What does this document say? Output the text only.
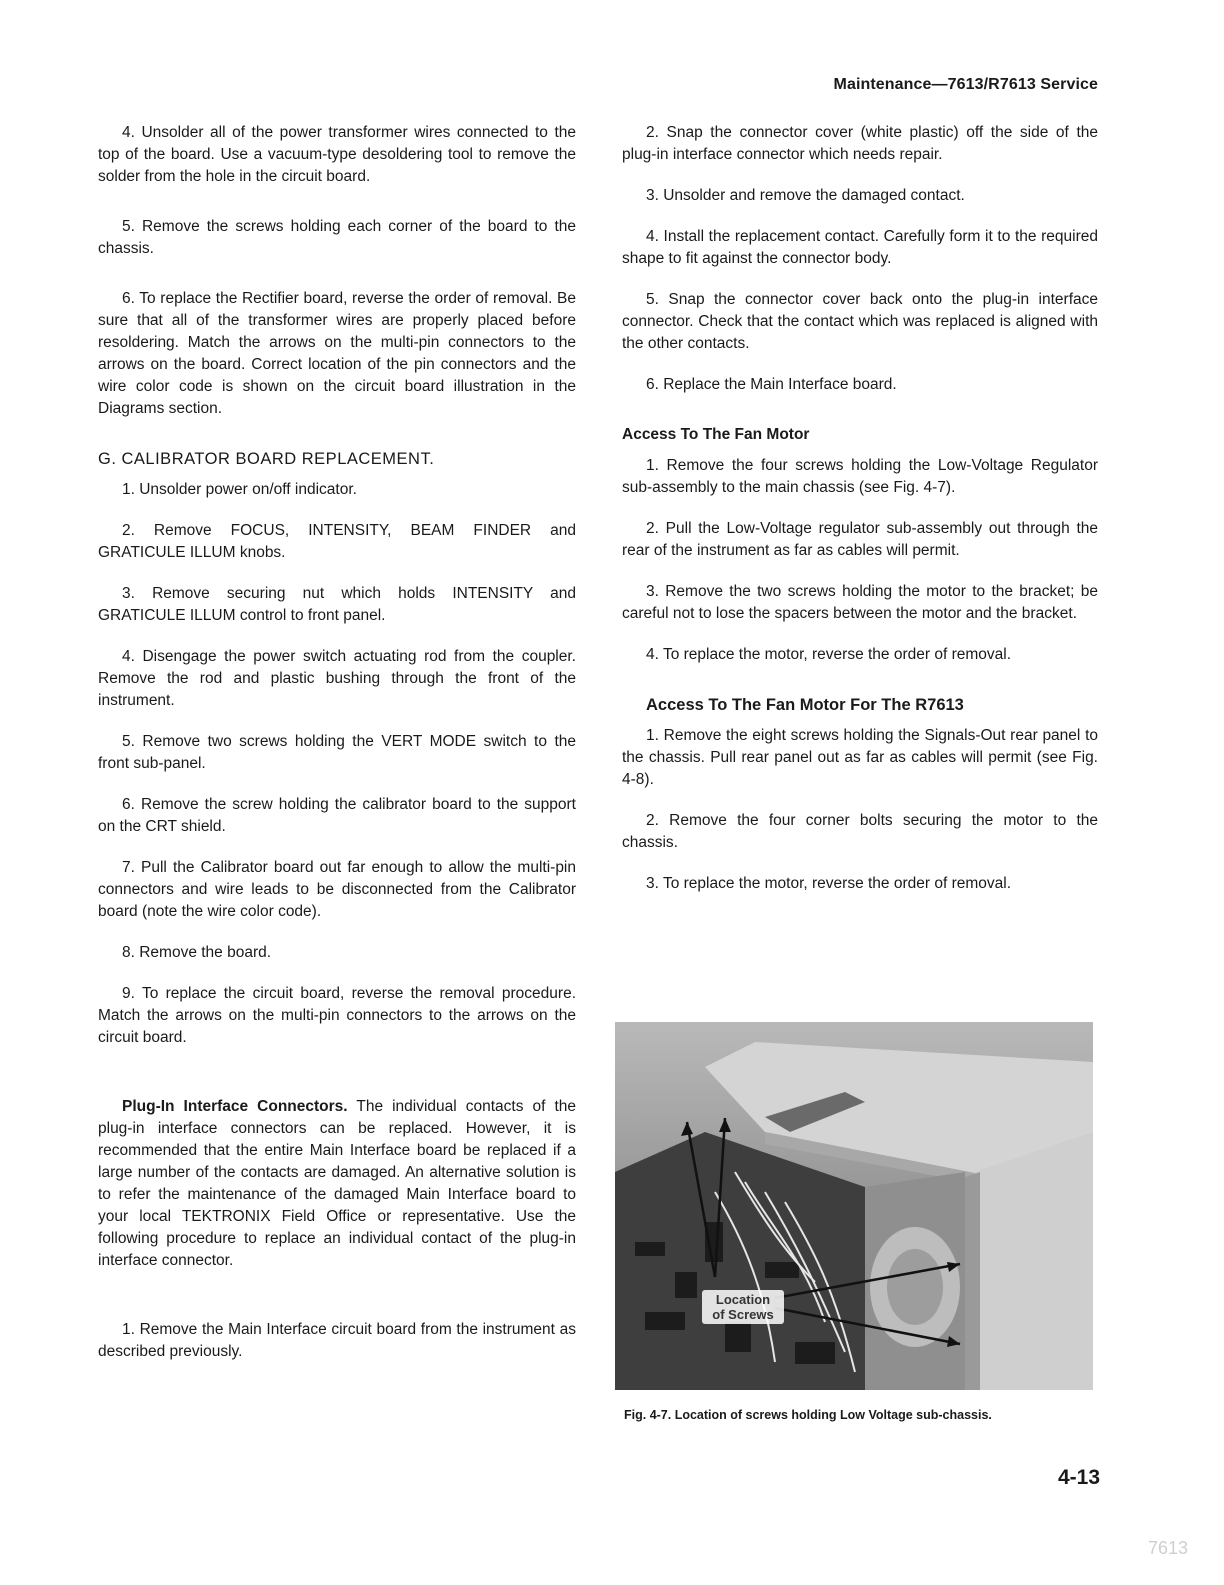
Maintenance—7613/R7613 Service

4. Unsolder all of the power transformer wires connected to the top of the board. Use a vacuum-type desoldering tool to remove the solder from the hole in the circuit board.

5. Remove the screws holding each corner of the board to the chassis.

6. To replace the Rectifier board, reverse the order of removal. Be sure that all of the transformer wires are properly placed before resoldering. Match the arrows on the multi-pin connectors to the arrows on the board. Correct location of the pin connectors and the wire color code is shown on the circuit board illustration in the Diagrams section.

G. CALIBRATOR BOARD REPLACEMENT.

1. Unsolder power on/off indicator.

2. Remove FOCUS, INTENSITY, BEAM FINDER and GRATICULE ILLUM knobs.

3. Remove securing nut which holds INTENSITY and GRATICULE ILLUM control to front panel.

4. Disengage the power switch actuating rod from the coupler. Remove the rod and plastic bushing through the front of the instrument.

5. Remove two screws holding the VERT MODE switch to the front sub-panel.

6. Remove the screw holding the calibrator board to the support on the CRT shield.

7. Pull the Calibrator board out far enough to allow the multi-pin connectors and wire leads to be disconnected from the Calibrator board (note the wire color code).

8. Remove the board.

9. To replace the circuit board, reverse the removal procedure. Match the arrows on the multi-pin connectors to the arrows on the circuit board.

Plug-In Interface Connectors. The individual contacts of the plug-in interface connectors can be replaced. However, it is recommended that the entire Main Interface board be replaced if a large number of the contacts are damaged. An alternative solution is to refer the maintenance of the damaged Main Interface board to your local TEKTRONIX Field Office or representative. Use the following procedure to replace an individual contact of the plug-in interface connector.

1. Remove the Main Interface circuit board from the instrument as described previously.

2. Snap the connector cover (white plastic) off the side of the plug-in interface connector which needs repair.

3. Unsolder and remove the damaged contact.

4. Install the replacement contact. Carefully form it to the required shape to fit against the connector body.

5. Snap the connector cover back onto the plug-in interface connector. Check that the contact which was replaced is aligned with the other contacts.

6. Replace the Main Interface board.

Access To The Fan Motor

1. Remove the four screws holding the Low-Voltage Regulator sub-assembly to the main chassis (see Fig. 4-7).

2. Pull the Low-Voltage regulator sub-assembly out through the rear of the instrument as far as cables will permit.

3. Remove the two screws holding the motor to the bracket; be careful not to lose the spacers between the motor and the bracket.

4. To replace the motor, reverse the order of removal.

Access To The Fan Motor For The R7613

1. Remove the eight screws holding the Signals-Out rear panel to the chassis. Pull rear panel out as far as cables will permit (see Fig. 4-8).

2. Remove the four corner bolts securing the motor to the chassis.

3. To replace the motor, reverse the order of removal.

Location
of Screws
Fig. 4-7. Location of screws holding Low Voltage sub-chassis.
4-13
7613
